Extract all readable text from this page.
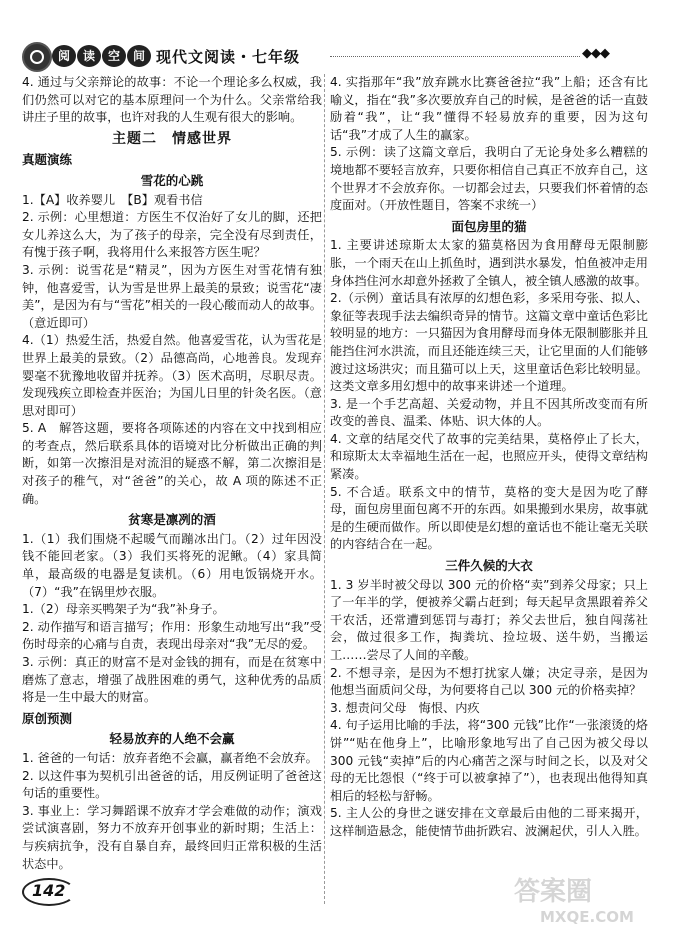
阅	读	空	间 现代文阅读・七年级	◆◆◆
4. 通过与父亲辩论的故事：不论一个理论多么权威，我们仍然可以对它的基本原理问一个为什么。父亲常给我讲庄子里的故事，也许对我的人生观有很大的影响。
主题二　情感世界
真题演练
雪花的心跳
1.【A】收养婴儿　【B】观看书信
2. 示例：心里想道：方医生不仅治好了女儿的脚，还把女儿养这么大，为了孩子的母亲，完全没有尽到责任，有愧于孩子啊，我将用什么来报答方医生呢？
3. 示例：说雪花是“精灵”，因为方医生对雪花情有独钟，他喜爱雪，认为雪是世界上最美的景致；说雪花“凄美”，是因为有与“雪花”相关的一段心酸而动人的故事。（意近即可）
4.（1）热爱生活，热爱自然。他喜爱雪花，认为雪花是世界上最美的景致。（2）品德高尚，心地善良。发现弃婴毫不犹豫地收留并抚养。（3）医术高明，尽职尽责。发现残疾立即检查并医治；为国儿日里的针灸名医。（意思对即可）
5. A　解答这题，要将各项陈述的内容在文中找到相应的考查点，然后联系具体的语境对比分析做出正确的判断，如第一次擦泪是对流泪的疑惑不解，第二次擦泪是对孩子的稚气，对“爸爸”的关心，故 A 项的陈述不正确。
贫寒是凛冽的酒
1.（1）我们围烧不起暖气而蹦冰出门。（2）过年因没钱不能回老家。（3）我们买将死的泥鳅。（4）家具简单，最高级的电器是复读机。（6）用电饭锅烧开水。（7）“我”在锅里炒衣服。
1.（2）母亲买鸭架子为“我”补身子。
2. 动作描写和语言描写；作用：形象生动地写出“我”受伤时母亲的心痛与自责，表现出母亲对“我”无尽的爱。
3. 示例：真正的财富不是对金钱的拥有，而是在贫寒中磨炼了意志，增强了战胜困难的勇气，这种优秀的品质将是一生中最大的财富。
原创预测
轻易放弃的人绝不会赢
1. 爸爸的一句话：放弃者绝不会赢，赢者绝不会放弃。
2. 以这件事为契机引出爸爸的话，用反例证明了爸爸这句话的重要性。
3. 事业上：学习舞蹈课不放弃才学会难做的动作；演戏尝试演喜剧，努力不放弃开创事业的新时期；生活上：与疾病抗争，没有自暴自弃，最终回归正常积极的生活状态中。
4. 实指那年“我”放弃跳水比赛爸爸拉“我”上船；还含有比喻义，指在“我”多次要放弃自己的时候，是爸爸的话一直鼓励着“我”，让“我”懂得不轻易放弃的重要，因为这句话“我”才成了人生的赢家。
5. 示例：读了这篇文章后，我明白了无论身处多么糟糕的境地都不要轻言放弃，只要你相信自己真正不放弃自己，这个世界才不会放弃你。一切都会过去，只要我们怀着情的态度面对。（开放性题目，答案不求统一）
面包房里的猫
1. 主要讲述琼斯太太家的猫莫格因为食用酵母无限制膨胀，一个雨天在山上抓鱼时，遇到洪水暴发，怕鱼被冲走用身体挡住河水却意外拯救了全镇人，被全镇人感激的故事。
2.（示例）童话具有浓厚的幻想色彩，多采用夸张、拟人、象征等表现手法去编织奇异的情节。这篇文章中童话色彩比较明显的地方：一只猫因为食用酵母而身体无限制膨胀并且能挡住河水洪流，而且还能连续三天，让它里面的人们能够渡过这场洪灾；而且猫可以上天，这里童话色彩比较明显。这类文章多用幻想中的故事来讲述一个道理。
3. 是一个手艺高超、关爱动物，并且不因其所改变而有所改变的善良、温柔、体贴、识大体的人。
4. 文章的结尾交代了故事的完美结果，莫格停止了长大，和琼斯太太幸福地生活在一起，也照应开头，使得文章结构紧凑。
5. 不合适。联系文中的情节，莫格的变大是因为吃了酵母，面包房里面包离不开的东西。如果搬到水果房，故事就是的生硬而做作。所以即使是幻想的童话也不能让毫无关联的内容结合在一起。
三件久候的大衣
1. 3 岁半时被父母以 300 元的价格“卖”到养父母家；只上了一年半的学，便被养父霸占赶到；每天起早贪黑跟着养父干农活，还常遭到惩罚与毒打；养父去世后，独自闯荡社会，做过很多工作，掏粪坑、捡垃圾、送牛奶，当搬运工……尝尽了人间的辛酸。
2. 不想寻亲，是因为不想打扰家人嫌；决定寻亲，是因为他想当面质问父母，为何要将自己以 300 元的价格卖掉？
3. 想责问父母　悔恨、内疚
4. 句子运用比喻的手法，将“300 元钱”比作“一张滚烫的烙饼”“贴在他身上”，比喻形象地写出了自己因为被父母以 300 元钱“卖掉”后的内心痛苦之深与时间之长，以及对父母的无比怨恨（“终于可以被拿掉了”），也表现出他得知真相后的轻松与舒畅。
5. 主人公的身世之谜安排在文章最后由他的二哥来揭开，这样制造悬念，能使情节曲折跌宕、波澜起伏，引人入胜。
142	答案圈
MXQE.COM
